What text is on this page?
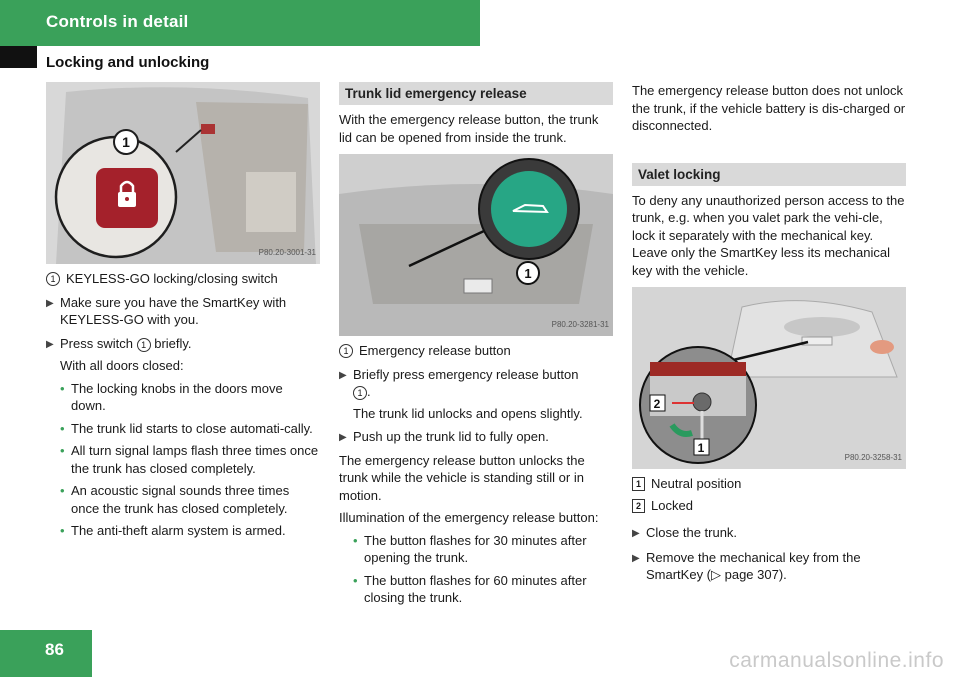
Controls in detail
Locking and unlocking
1
P80.20-3001-31
1 KEYLESS-GO locking/closing switch
▶ Make sure you have the SmartKey with KEYLESS-GO with you.
▶ Press switch 1 briefly.
With all doors closed:
• The locking knobs in the doors move down.
• The trunk lid starts to close automati-cally.
• All turn signal lamps flash three times once the trunk has closed completely.
• An acoustic signal sounds three times once the trunk has closed completely.
• The anti-theft alarm system is armed.
Trunk lid emergency release
With the emergency release button, the trunk lid can be opened from inside the trunk.
1
P80.20-3281-31
1 Emergency release button
▶ Briefly press emergency release button
1 .
The trunk lid unlocks and opens slightly.
▶ Push up the trunk lid to fully open.

The emergency release button unlocks the trunk while the vehicle is standing still or in motion.

Illumination of the emergency release button:

• The button flashes for 30 minutes after opening the trunk.
• The button flashes for 60 minutes after closing the trunk.
The emergency release button does not unlock the trunk, if the vehicle battery is dis-charged or disconnected.
Valet locking
To deny any unauthorized person access to the trunk, e.g. when you valet park the vehi-cle, lock it separately with the mechanical key. Leave only the SmartKey less its mechanical key with the vehicle.
2
1
P80.20-3258-31
1 Neutral position
2 Locked
▶ Close the trunk.
▶ Remove the mechanical key from the SmartKey (▷ page 307).
86	carmanualsonline.info
